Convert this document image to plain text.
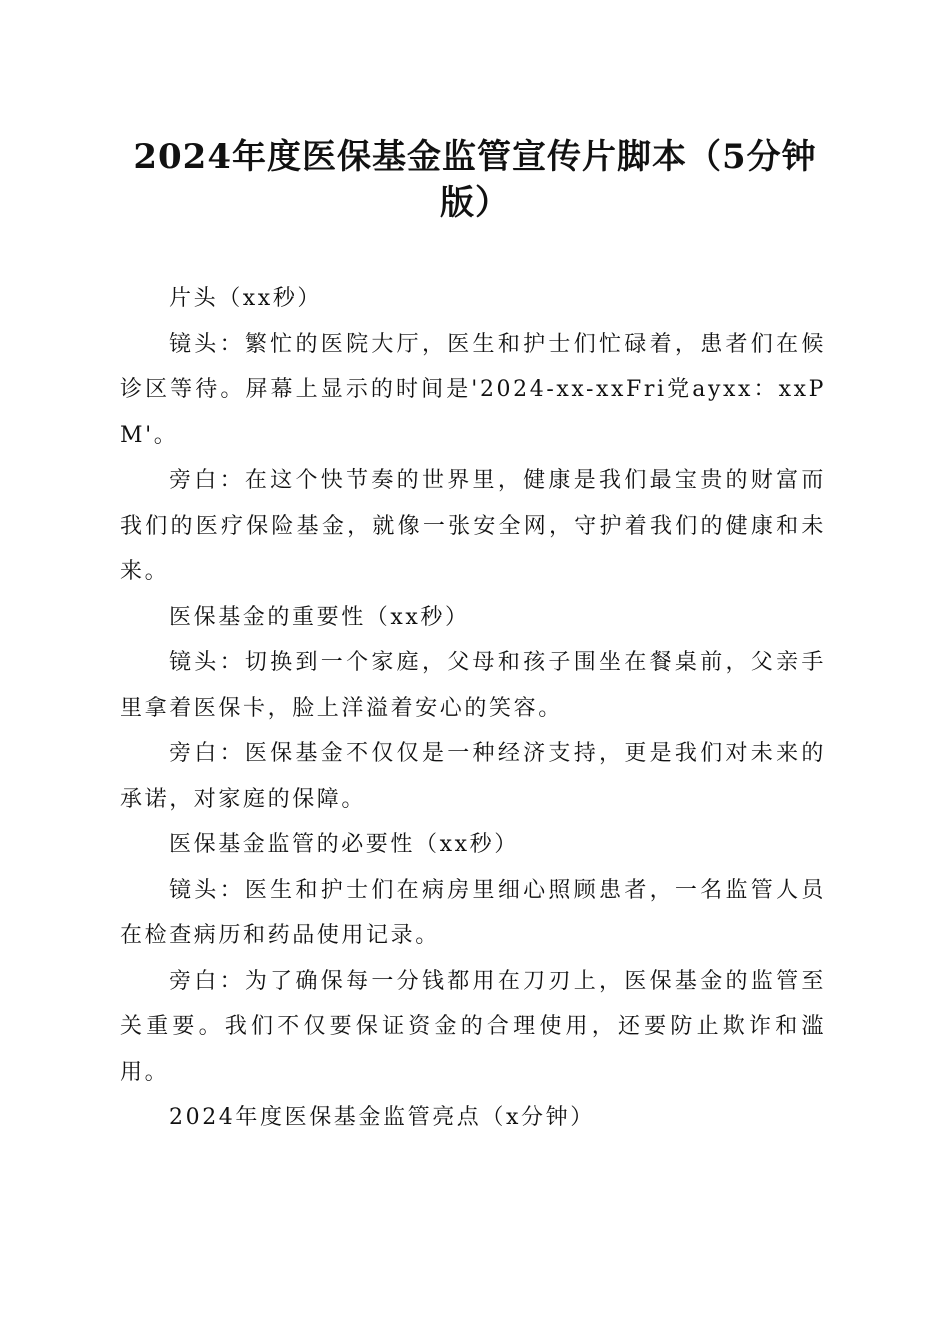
2024年度医保基金监管宣传片脚本（5分钟版）

片头（xx秒）

镜头：繁忙的医院大厅，医生和护士们忙碌着，患者们在候诊区等待。屏幕上显示的时间是'2024-xx-xxFri党ayxx：xxPM'。

旁白：在这个快节奏的世界里，健康是我们最宝贵的财富而我们的医疗保险基金，就像一张安全网，守护着我们的健康和未来。

医保基金的重要性（xx秒）

镜头：切换到一个家庭，父母和孩子围坐在餐桌前，父亲手里拿着医保卡，脸上洋溢着安心的笑容。

旁白：医保基金不仅仅是一种经济支持，更是我们对未来的承诺，对家庭的保障。

医保基金监管的必要性（xx秒）

镜头：医生和护士们在病房里细心照顾患者，一名监管人员在检查病历和药品使用记录。

旁白：为了确保每一分钱都用在刀刃上，医保基金的监管至关重要。我们不仅要保证资金的合理使用，还要防止欺诈和滥用。

2024年度医保基金监管亮点（x分钟）
